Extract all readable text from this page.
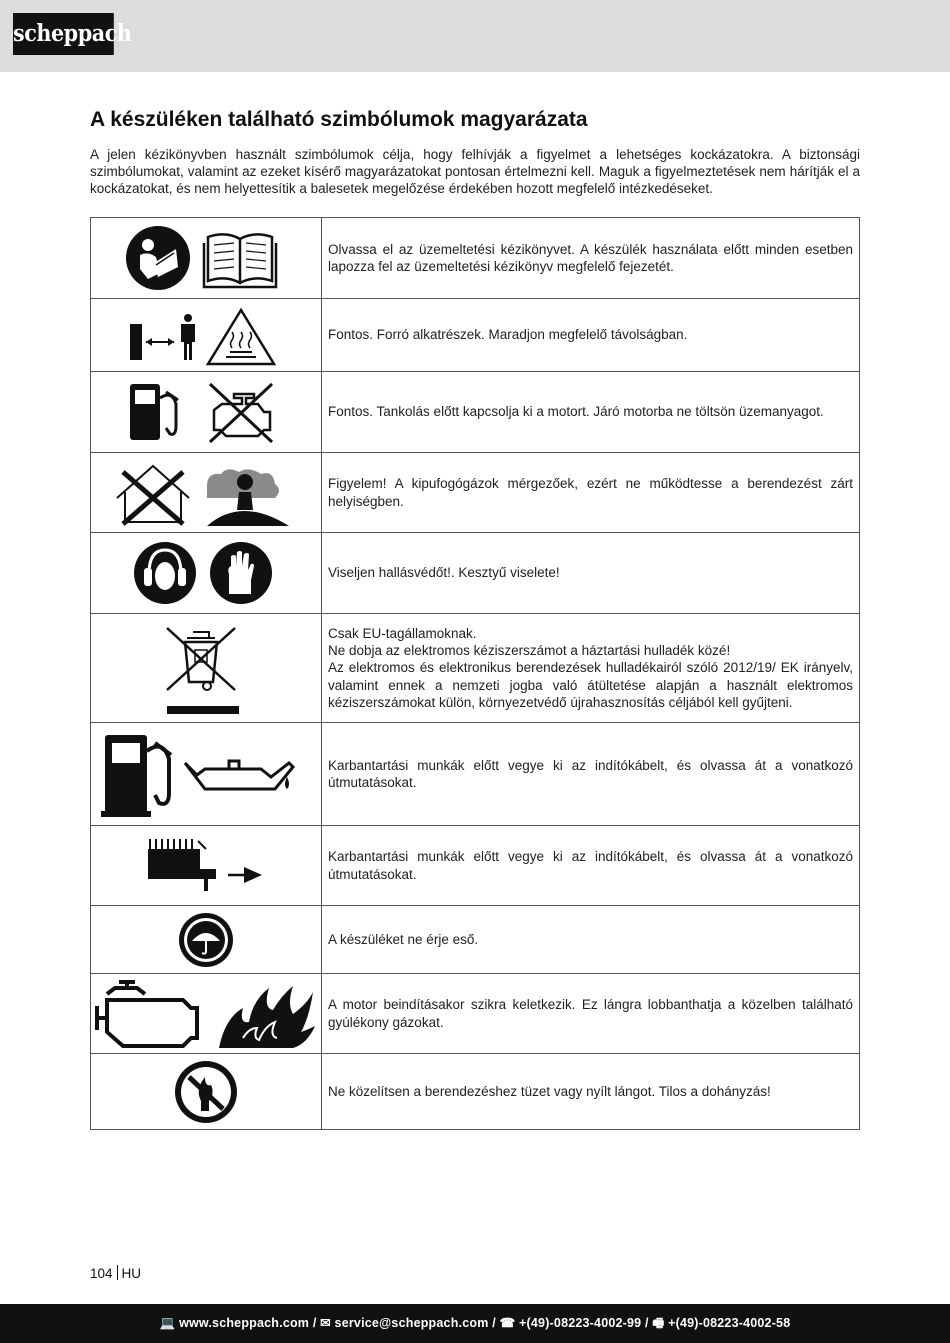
scheppach
A készüléken található szimbólumok magyarázata

A jelen kézikönyvben használt szimbólumok célja, hogy felhívják a figyelmet a lehetséges kockázatokra. A biztonsági szimbólumokat, valamint az ezeket kísérő magyarázatokat pontosan értelmezni kell. Maguk a figyelmeztetések nem hárítják el a kockázatokat, és nem helyettesítik a balesetek megelőzése érdekében hozott megfelelő intézkedéseket.

	Olvassa el az üzemeltetési kézikönyvet. A készülék használata előtt minden esetben lapozza fel az üzemeltetési kézikönyv megfelelő fejezetét.

	Fontos. Forró alkatrészek. Maradjon megfelelő távolságban.

	Fontos. Tankolás előtt kapcsolja ki a motort. Járó motorba ne töltsön üzemanyagot.

	Figyelem! A kipufogógázok mérgezőek, ezért ne működtesse a berendezést zárt helyiségben.

	Viseljen hallásvédőt!. Kesztyű viselete!

Csak EU-tagállamoknak.
Ne dobja az elektromos kéziszerszámot a háztartási hulladék közé!
Az elektromos és elektronikus berendezések hulladékairól szóló 2012/19/ EK irányelv, valamint ennek a nemzeti jogba való átültetése alapján a használt elektromos kéziszerszámokat külön, környezetvédő újrahasznosítás céljából kell gyűjteni.

	Karbantartási munkák előtt vegye ki az indítókábelt, és olvassa át a vonatkozó útmutatásokat.

	Karbantartási munkák előtt vegye ki az indítókábelt, és olvassa át a vonatkozó útmutatásokat.

	A készüléket ne érje eső.

	A motor beindításakor szikra keletkezik. Ez lángra lobbanthatja a közelben található gyúlékony gázokat.

	Ne közelítsen a berendezéshez tüzet vagy nyílt lángot. Tilos a dohányzás!
104 HU
💻 www.scheppach.com / ✉ service@scheppach.com / ☎ +(49)-08223-4002-99 / 🖷 +(49)-08223-4002-58
